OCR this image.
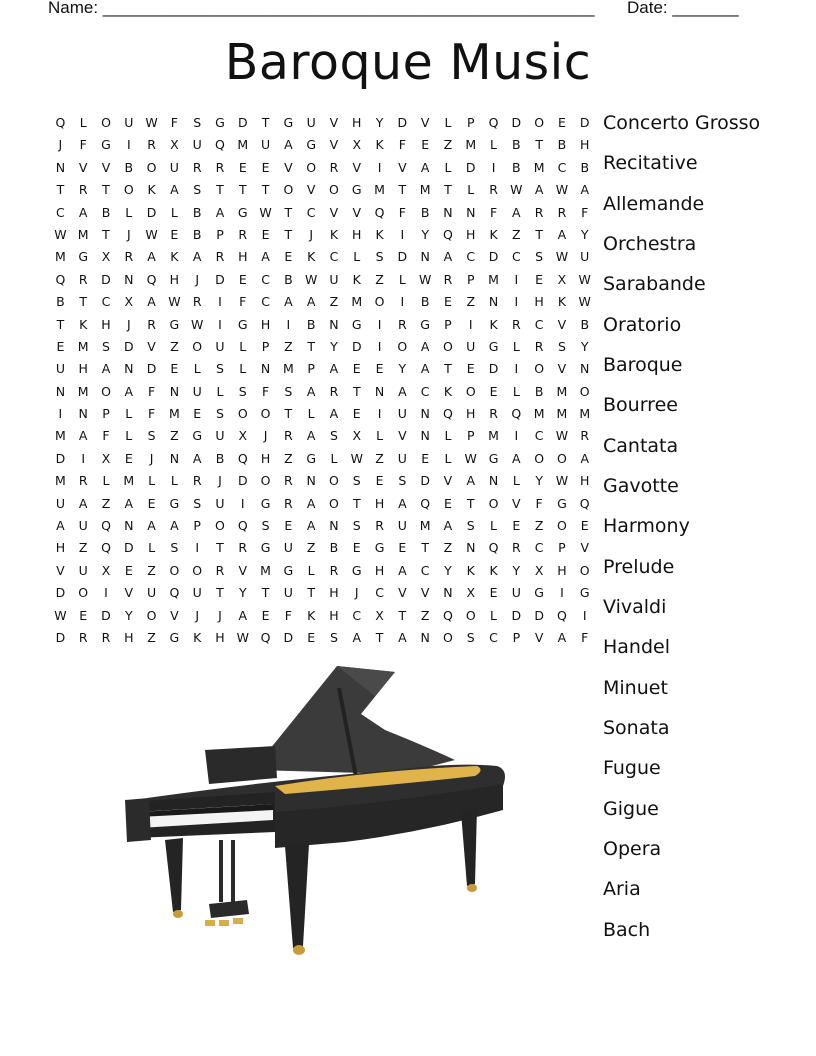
Name: ____________________________________________________ Date: _______
Baroque Music
Q	L	O	U W	F	S	G	D	T	G	U	V	H	Y	D	V	L	P	Q	D	O	E	D
J	F	G	I	R	X	U	Q M	U	A	G	V	X	K	F	E	Z	M	L	B	T	B	H
N	V	V	B	O	U	R	R	E	E	V	O	R	V	I	V	A	L	D	I	B	M	C	B
T	R	T	O	K	A	S	T	T	T	O	V	O	G	M	T	M	T	L	R W A W A
C	A	B	L	D	L	B	A	G W	T	C	V	V	Q	F	B	N	N	F	A	R	R	F
W M	T	J	W	E	B	P	R	E	T	J	K	H	K	I	Y	Q	H	K	Z	T	A	Y
M	G	X	R	A	K	A	R	H	A	E	K	C	L	S	D	N	A	C	D	C	S	W U
Q	R	D	N	Q	H	J	D	E	C	B W U	K	Z	L	W R	P	M	I	E	X W
B	T	C	X	A W R	I	F	C	A	A	Z	M O	I	B	E	Z	N	I	H	K	W
T	K	H	J	R	G W	I	G	H	I	B	N	G	I	R	G	P	I	K	R	C	V	B
E	M	S	D	V	Z	O	U	L	P	Z	T	Y	D	I	O	A	O	U	G	L	R	S	Y
U	H	A	N	D	E	L	S	L	N	M	P	A	E	E	Y	A	T	E	D	I	O	V	N
N	M O	A	F	N	U	L	S	F	S	A	R	T	N	A	C	K	O	E	L	B	M O
I	N	P	L	F	M	E	S	O	O	T	L	A	E	I	U	N	Q	H	R	Q M M M
M	A	F	L	S	Z	G	U	X	J	R	A	S	X	L	V	N	L	P	M	I	C W R
D	I	X	E	J	N	A	B	Q	H	Z	G	L	W Z	U	E	L	W G	A	O	O	A
M	R	L	M	L	L	R	J	D	O	R	N	O	S	E	S	D	V	A	N	L	Y	W H
U	A	Z	A	E	G	S	U	I	G	R	A	O	T	H	A	Q	E	T	O	V	F	G	Q
A	U	Q	N	A	A	P	O	Q	S	E	A	N	S	R	U	M	A	S	L	E	Z	O	E
H	Z	Q	D	L	S	I	T	R	G	U	Z	B	E	G	E	T	Z	N	Q	R	C	P	V
V	U	X	E	Z	O	O	R	V	M	G	L	R	G	H	A	C	Y	K	K	Y	X	H	O
D	O	I	V	U	Q	U	T	Y	T	U	T	H	J	C	V	V	N	X	E	U	G	I	G
W	E	D	Y	O	V	J	J	A	E	F	K	H	C	X	T	Z	Q	O	L	D	D	Q	I
D	R	R	H	Z	G	K	H W Q	D	E	S	A	T	A	N	O	S	C	P	V	A	F
Concerto Grosso
Recitative
Allemande
Orchestra
Sarabande
Oratorio
Baroque
Bourree
Cantata
Gavotte
Harmony
Prelude
Vivaldi
Handel
Minuet
Sonata
Fugue
Gigue
Opera
Aria
Bach
